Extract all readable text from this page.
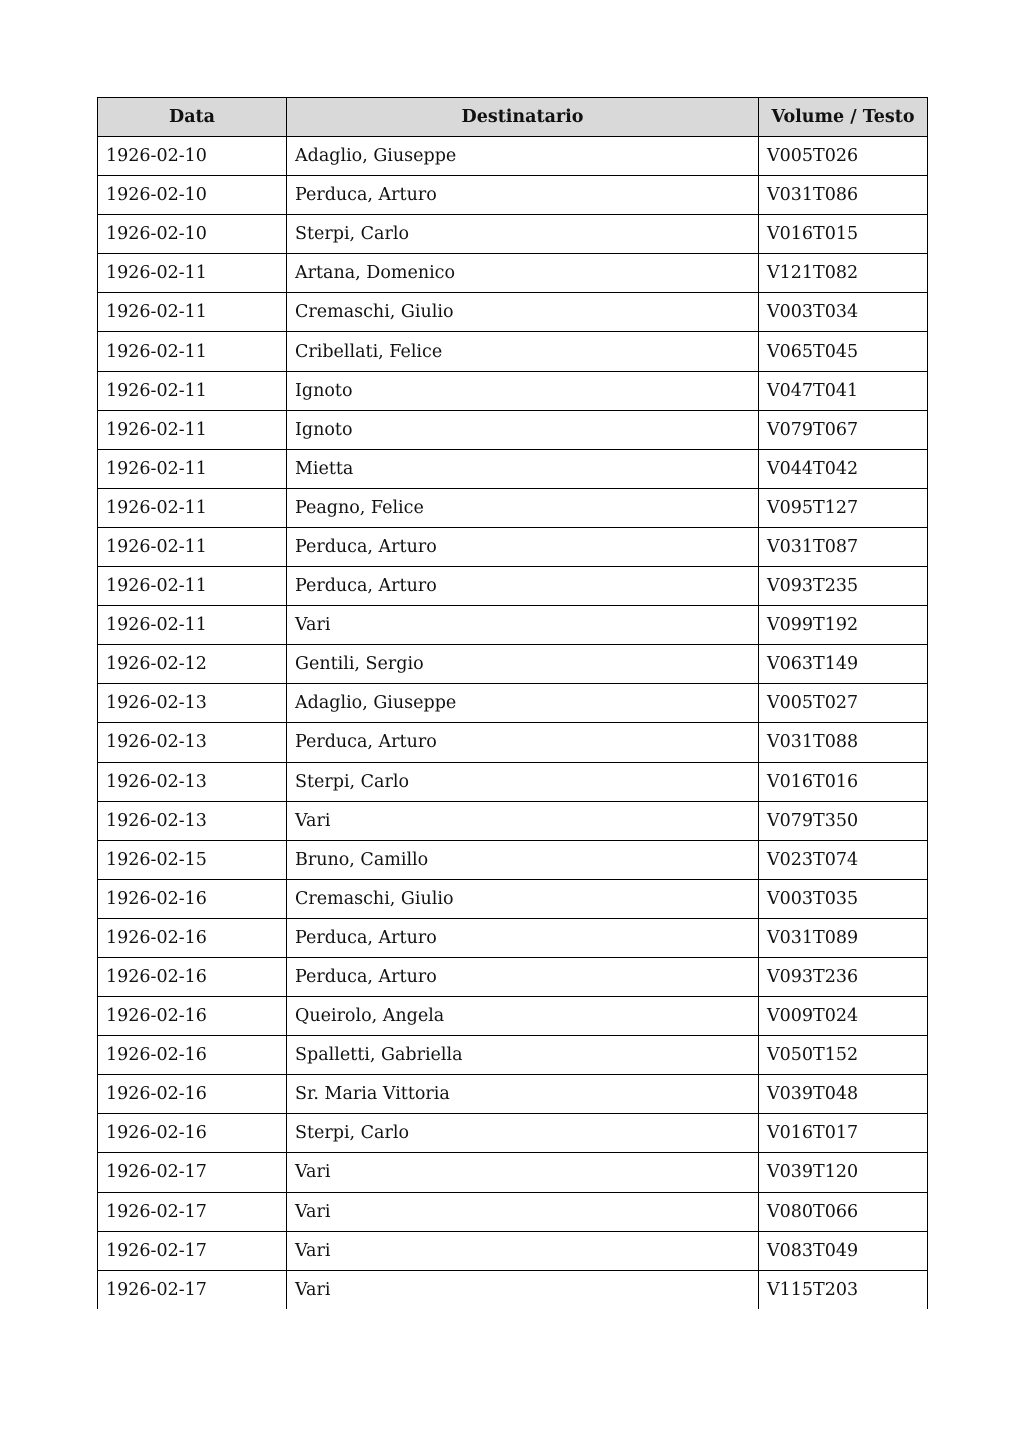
Data	Destinatario	Volume / Testo
1926-02-10	Adaglio, Giuseppe	V005T026
1926-02-10	Perduca, Arturo	V031T086
1926-02-10	Sterpi, Carlo	V016T015
1926-02-11	Artana, Domenico	V121T082
1926-02-11	Cremaschi, Giulio	V003T034
1926-02-11	Cribellati, Felice	V065T045
1926-02-11	Ignoto	V047T041
1926-02-11	Ignoto	V079T067
1926-02-11	Mietta	V044T042
1926-02-11	Peagno, Felice	V095T127
1926-02-11	Perduca, Arturo	V031T087
1926-02-11	Perduca, Arturo	V093T235
1926-02-11	Vari	V099T192
1926-02-12	Gentili, Sergio	V063T149
1926-02-13	Adaglio, Giuseppe	V005T027
1926-02-13	Perduca, Arturo	V031T088
1926-02-13	Sterpi, Carlo	V016T016
1926-02-13	Vari	V079T350
1926-02-15	Bruno, Camillo	V023T074
1926-02-16	Cremaschi, Giulio	V003T035
1926-02-16	Perduca, Arturo	V031T089
1926-02-16	Perduca, Arturo	V093T236
1926-02-16	Queirolo, Angela	V009T024
1926-02-16	Spalletti, Gabriella	V050T152
1926-02-16	Sr. Maria Vittoria	V039T048
1926-02-16	Sterpi, Carlo	V016T017
1926-02-17	Vari	V039T120
1926-02-17	Vari	V080T066
1926-02-17	Vari	V083T049
1926-02-17	Vari	V115T203
